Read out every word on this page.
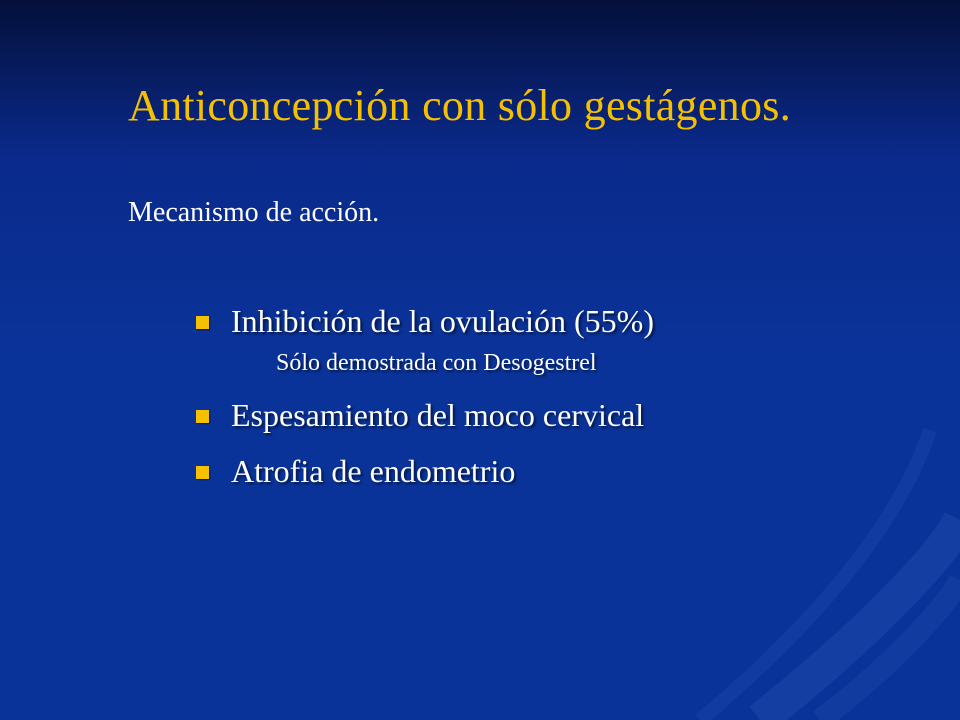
Anticoncepción con sólo gestágenos.

Mecanismo de acción.

Inhibición de la ovulación (55%)
Sólo demostrada con Desogestrel
Espesamiento del moco cervical
Atrofia de endometrio
